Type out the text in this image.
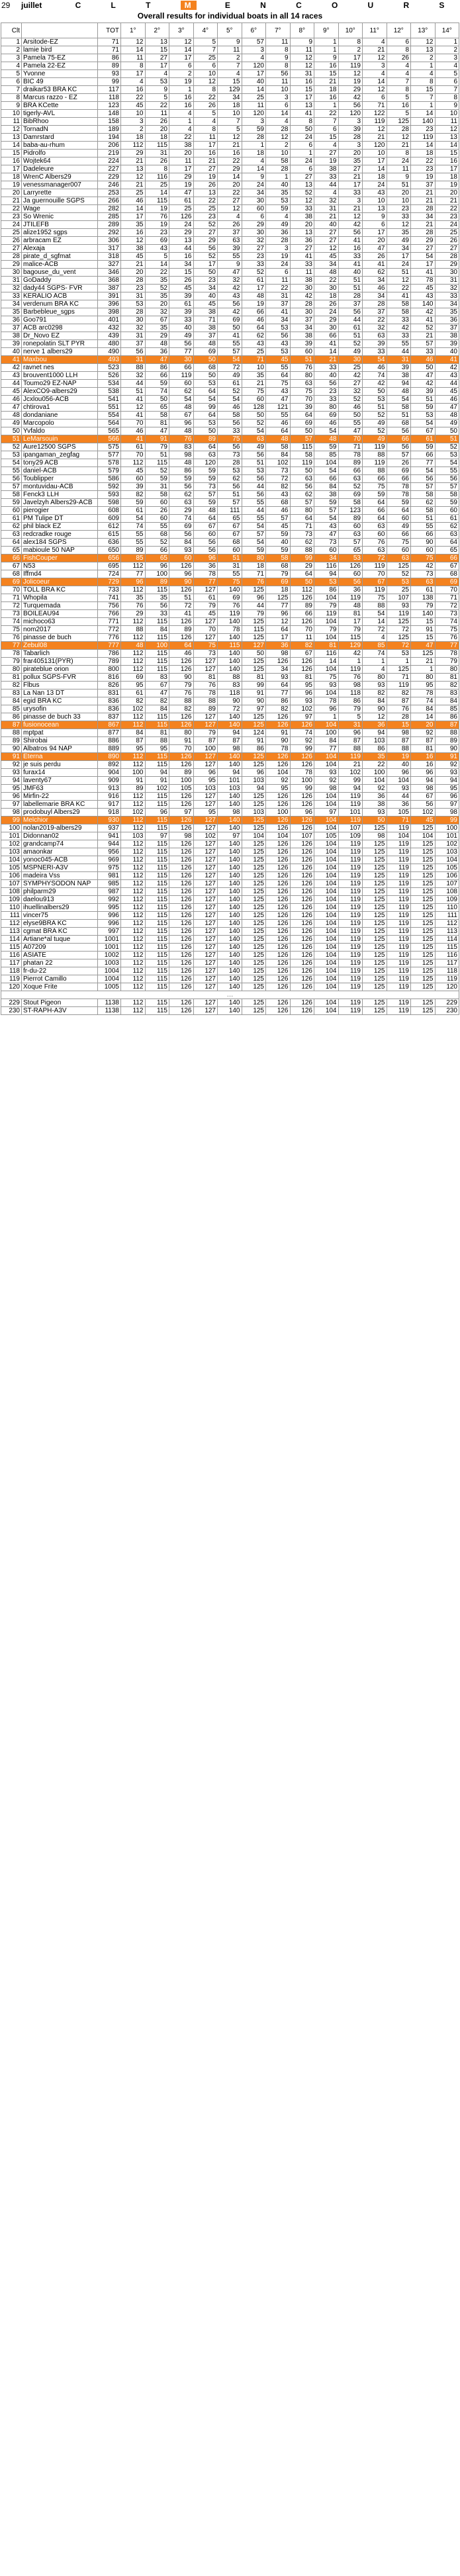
29	juillet	C	L	T	M	E	N	C	O	U	R	S
Overall results for individual boats in all 14 races
Clt		TOT	1°	2°	3°	4°	5°	6°	7°	8°	9°	10°	11°	12°	13°	14°
1	Arsitode-EZ	71	12	13	12	5	9	57	11	9	1	8	4	6	12	1
2	lamie bird	71	14	15	14	7	11	3	8	11	1	2	21	8	13	2
3	Pamela 75-EZ	86	11	27	17	25	2	4	9	12	9	17	12	26	2	3
4	Pamela 22-EZ	89	8	17	6	6	7	120	8	12	16	119	3	4	1	4
5	Yvonne	93	17	4	2	10	4	17	56	31	15	12	4	4	4	5
6	BIC 49	99	4	53	19	12	15	40	11	16	21	19	14	7	8	6
7	draikar53 BRA KC	117	16	9	1	8	129	14	10	15	18	29	12	8	15	7
8	Marcus razzo - EZ	118	22	5	16	22	34	25	3	17	16	42	6	5	7	8
9	BRA KCette	123	45	22	16	26	18	11	6	13	1	56	71	16	1	9
10	tigerly-AVL	148	10	11	4	5	10	120	14	41	22	120	122	5	14	10
11	BibRhoo	158	3	26	1	4	7	3	4	8	7	3	119	125	140	11
12	TornadN	189	2	20	4	8	5	59	28	50	6	39	12	28	23	12
13	Damrstard	194	18	18	22	11	12	28	12	24	15	28	21	12	119	13
14	baba-au-rhum	206	112	115	38	17	21	1	2	6	4	3	120	21	14	14
15	Pidrolfo	219	29	31	20	16	16	18	10	1	27	20	10	8	18	15
16	Wojtek64	224	21	26	11	21	22	4	58	24	19	35	17	24	22	16
17	Dadeleure	227	13	8	17	27	29	14	28	6	38	27	14	11	23	17
18	WrenC Albers29	229	12	116	29	19	14	9	1	27	33	21	18	9	19	18
19	venessmanager007	246	21	25	19	26	20	24	40	13	44	17	24	51	37	19
20	Larryrette	253	25	14	47	13	22	34	35	52	4	33	43	20	21	20
21	Ja guernouille SGPS	266	46	115	61	22	27	30	53	12	32	3	10	10	21	21
22	Wage	282	14	19	25	25	12	60	59	33	31	21	13	23	28	22
23	So Wrenic	285	17	76	126	23	4	6	4	38	21	12	9	33	34	23
24	JTILEFB	289	35	19	24	52	26	29	49	20	40	42	6	12	21	24
25	alize1952 sgps	292	16	23	29	27	37	30	36	13	27	56	17	35	28	25
26	arbracam EZ	306	12	69	13	29	63	32	28	36	27	41	20	49	29	26
27	Alexaja	317	38	43	44	56	39	27	3	27	12	16	47	34	27	27
28	pirate_d_sgfmat	318	45	5	16	52	55	23	19	41	45	33	26	17	54	28
29	malice-ACB	327	21	14	34	17	9	33	24	33	34	41	41	24	17	29
30	bagouse_du_vent	346	20	22	15	50	47	52	6	11	48	40	62	51	41	30
31	GoDaddy	368	28	35	26	23	32	61	11	38	22	51	34	12	78	31
32	dady44 SGPS- FVR	387	23	52	45	34	42	17	22	30	30	51	46	22	45	32
33	KERALIO ACB	391	31	35	39	40	43	48	31	42	18	28	34	41	43	33
34	verdenum BRA KC	396	53	20	61	45	56	19	37	28	26	37	28	58	140	34
35	Barbebleue_sgps	398	28	32	39	38	42	66	41	30	24	56	37	58	42	35
36	Goo791	401	30	67	33	71	69	46	34	37	29	44	22	33	41	36
37	ACB arc0298	432	32	35	40	38	50	64	53	34	30	61	32	42	52	37
38	Dr_Novo EZ	439	31	29	49	37	41	62	56	38	66	51	63	33	21	38
39	ronepolatin SLT PYR	480	37	48	56	48	55	43	43	39	41	52	39	55	57	39
40	nerve 1 albers29	490	56	36	77	69	57	25	53	60	14	49	33	44	33	40
41	Maxbou	493	31	47	30	50	54	71	45	51	21	30	54	31	46	41
42	ravnet nes	523	88	86	66	68	72	10	55	76	33	25	46	39	50	42
43	brouvent1000 LLH	526	32	66	119	50	49	35	64	80	40	42	74	38	47	43
44	Toumo29 EZ-NAP	534	44	59	60	53	61	21	75	63	56	27	42	94	42	44
45	AlexCO9-albers29	538	51	74	62	64	52	75	43	75	23	32	50	48	39	45
46	Jcxlou056-ACB	541	41	50	54	54	54	60	47	70	33	52	53	54	51	46
47	chtirova1	551	12	65	48	99	46	128	121	39	80	46	51	58	59	47
48	dondaniane	554	41	58	67	64	58	50	55	64	69	50	52	51	53	48
49	Marcopolo	564	70	81	96	53	56	52	46	69	46	55	49	68	54	49
50	Yvfaldo	565	46	47	48	50	33	54	64	50	54	47	52	56	67	50
51	LeMarsouin	566	41	91	76	89	75	63	48	57	48	70	49	66	61	51
52	Aure12500 SGPS	575	61	79	83	64	56	49	58	115	59	71	119	56	59	52
53	ipangaman_zegfag	577	70	51	98	63	73	56	84	58	85	78	88	57	66	53
54	tony29 ACB	578	112	115	48	120	28	51	102	119	104	89	119	26	77	54
55	daniel-ACB	579	45	52	86	59	53	53	73	50	54	66	88	69	54	55
56	Toublipper	586	60	59	59	59	62	56	72	63	66	63	66	66	56	56
57	montuvidau-ACB	592	39	31	56	73	56	44	82	56	84	52	75	78	57	57
58	Fenck3 LLH	593	82	58	62	57	51	56	43	62	38	69	59	78	58	58
59	Javelzyh Albers29-ACB	598	59	60	63	59	57	55	68	57	59	58	64	59	62	59
60	pierogier	608	61	26	29	48	111	44	46	80	57	123	66	64	58	60
61	PM Tulipe DT	609	54	60	74	64	65	55	57	64	54	89	64	60	51	61
62	phil black EZ	612	74	55	69	67	67	54	45	71	43	60	63	49	55	62
63	redcradke rouge	615	55	68	56	60	67	57	59	73	47	63	60	66	66	63
64	alex184 SGPS	636	55	52	84	56	68	54	40	62	73	57	76	75	90	64
65	mabioule 50 NAP	650	89	66	93	56	60	59	59	88	60	65	63	60	60	65
66	FishCouper	656	85	65	60	96	51	80	58	99	34	53	72	63	75	66
67	N53	695	112	96	126	36	31	18	68	29	116	126	119	125	42	67
68	Iffmd4	724	77	100	96	78	55	71	79	64	94	60	70	52	73	68
69	Jolicoeur	729	96	89	90	77	75	76	69	50	53	56	67	53	63	69
70	TOLL BRA KC	733	112	115	126	127	140	125	18	112	86	36	119	25	61	70
71	Whopila	741	35	35	51	61	69	96	125	126	104	119	75	107	138	71
72	Turquemada	756	76	56	72	79	76	44	77	89	79	48	88	93	79	72
73	BOILEAU94	766	29	33	41	45	119	79	96	66	119	81	54	119	140	73
74	michoco63	771	112	115	126	127	140	125	12	126	104	17	14	125	15	74
75	nom2017	772	88	84	89	70	78	115	64	70	79	79	72	72	91	75
76	pinasse de buch	776	112	115	126	127	140	125	17	11	104	115	4	125	15	76
77	Zebul08	777	48	100	64	75	115	127	36	82	81	129	85	72	47	77
78	Tabarlich	786	112	115	46	73	140	50	98	67	116	42	74	53	125	78
79	frar405131(PYR)	789	112	115	126	127	140	125	126	126	14	1	1	1	21	79
80	pirateblue orion	800	112	115	126	127	140	125	34	126	104	119	4	125	1	80
81	pollux SGPS-FVR	816	69	83	90	81	88	81	93	81	75	76	80	71	80	81
82	Flbus	826	95	67	79	76	83	99	64	95	93	98	93	119	95	82
83	La Nan 13 DT	831	61	47	76	78	118	91	77	96	104	118	82	82	78	83
84	egid BRA KC	836	82	82	88	88	90	90	86	93	78	86	84	87	74	84
85	urysofin	836	102	84	82	89	72	97	82	102	96	79	90	76	84	85
86	pinasse de buch 33	837	112	115	126	127	140	125	126	97	1	5	12	28	14	86
87	fusionocean	867	112	115	126	127	140	125	126	126	104	31	36	15	20	87
88	mptpat	877	84	81	80	79	94	124	91	74	100	96	94	98	92	88
89	Shirobai	886	87	88	91	87	87	91	90	92	84	87	103	87	87	89
90	Albatros 94 NAP	889	95	95	70	100	98	86	78	99	77	88	86	88	81	90
91	Eterna	890	112	115	126	127	140	125	126	126	104	119	35	19	16	91
92	je suis perdu	892	112	115	126	127	140	125	126	126	104	21	22	40	16	92
93	furax14	904	100	94	89	96	94	96	104	78	93	102	100	96	96	93
94	laventy67	909	91	91	100	95	101	103	92	100	92	99	104	104	94	94
95	JMF63	913	89	102	105	103	103	94	95	99	98	94	92	93	98	95
96	Mirfin-22	916	112	115	126	127	140	125	126	126	104	119	36	44	67	96
97	labellemarie BRA KC	917	112	115	126	127	140	125	126	126	104	119	38	36	56	97
98	prodobuyl Albers29	918	102	96	97	95	98	103	100	96	97	101	93	105	102	98
99	Melchior	930	112	115	126	127	140	125	126	126	104	119	50	71	45	99
100	nolan2019-albers29	937	112	115	126	127	140	125	126	126	104	107	125	119	125	100
101	Didonnan02	941	103	97	98	102	97	104	104	107	105	109	98	104	104	101
102	grandcamp74	944	112	115	126	127	140	125	126	126	104	119	125	119	125	102
103	amaonkar	956	112	115	126	127	140	125	126	126	104	119	125	119	125	103
104	yonoc045-ACB	969	112	115	126	127	140	125	126	126	104	119	125	119	125	104
105	MSPNERI-A3V	975	112	115	126	127	140	125	126	126	104	119	125	119	125	105
106	madeira Vss	981	112	115	126	127	140	125	126	126	104	119	125	119	125	106
107	SYMPHYSODON NAP	985	112	115	126	127	140	125	126	126	104	119	125	119	125	107
108	philparm29	987	112	115	126	127	140	125	126	126	104	119	125	119	125	108
109	daelou913	992	112	115	126	127	140	125	126	126	104	119	125	119	125	109
110	ihuellinalbers29	995	112	115	126	127	140	125	126	126	104	119	125	119	125	110
111	vincer75	996	112	115	126	127	140	125	126	126	104	119	125	119	125	111
112	elyse9BRA KC	996	112	115	126	127	140	125	126	126	104	119	125	119	125	112
113	cgmat BRA KC	997	112	115	126	127	140	125	126	126	104	119	125	119	125	113
114	Artiane*al tuque	1001	112	115	126	127	140	125	126	126	104	119	125	119	125	114
115	A07209	1001	112	115	126	127	140	125	126	126	104	119	125	119	125	115
116	ASIATE	1002	112	115	126	127	140	125	126	126	104	119	125	119	125	116
117	phatan 22	1003	112	115	126	127	140	125	126	126	104	119	125	119	125	117
118	fr-du-22	1004	112	115	126	127	140	125	126	126	104	119	125	119	125	118
119	Pierrot Camillo	1004	112	115	126	127	140	125	126	126	104	119	125	119	125	119
120	Xoque Frite	1005	112	115	126	127	140	125	126	126	104	119	125	119	125	120
…																
229	Stout Pigeon	1138	112	115	126	127	140	125	126	126	104	119	125	119	125	229
230	ST-RAPH-A3V	1138	112	115	126	127	140	125	126	126	104	119	125	119	125	230
